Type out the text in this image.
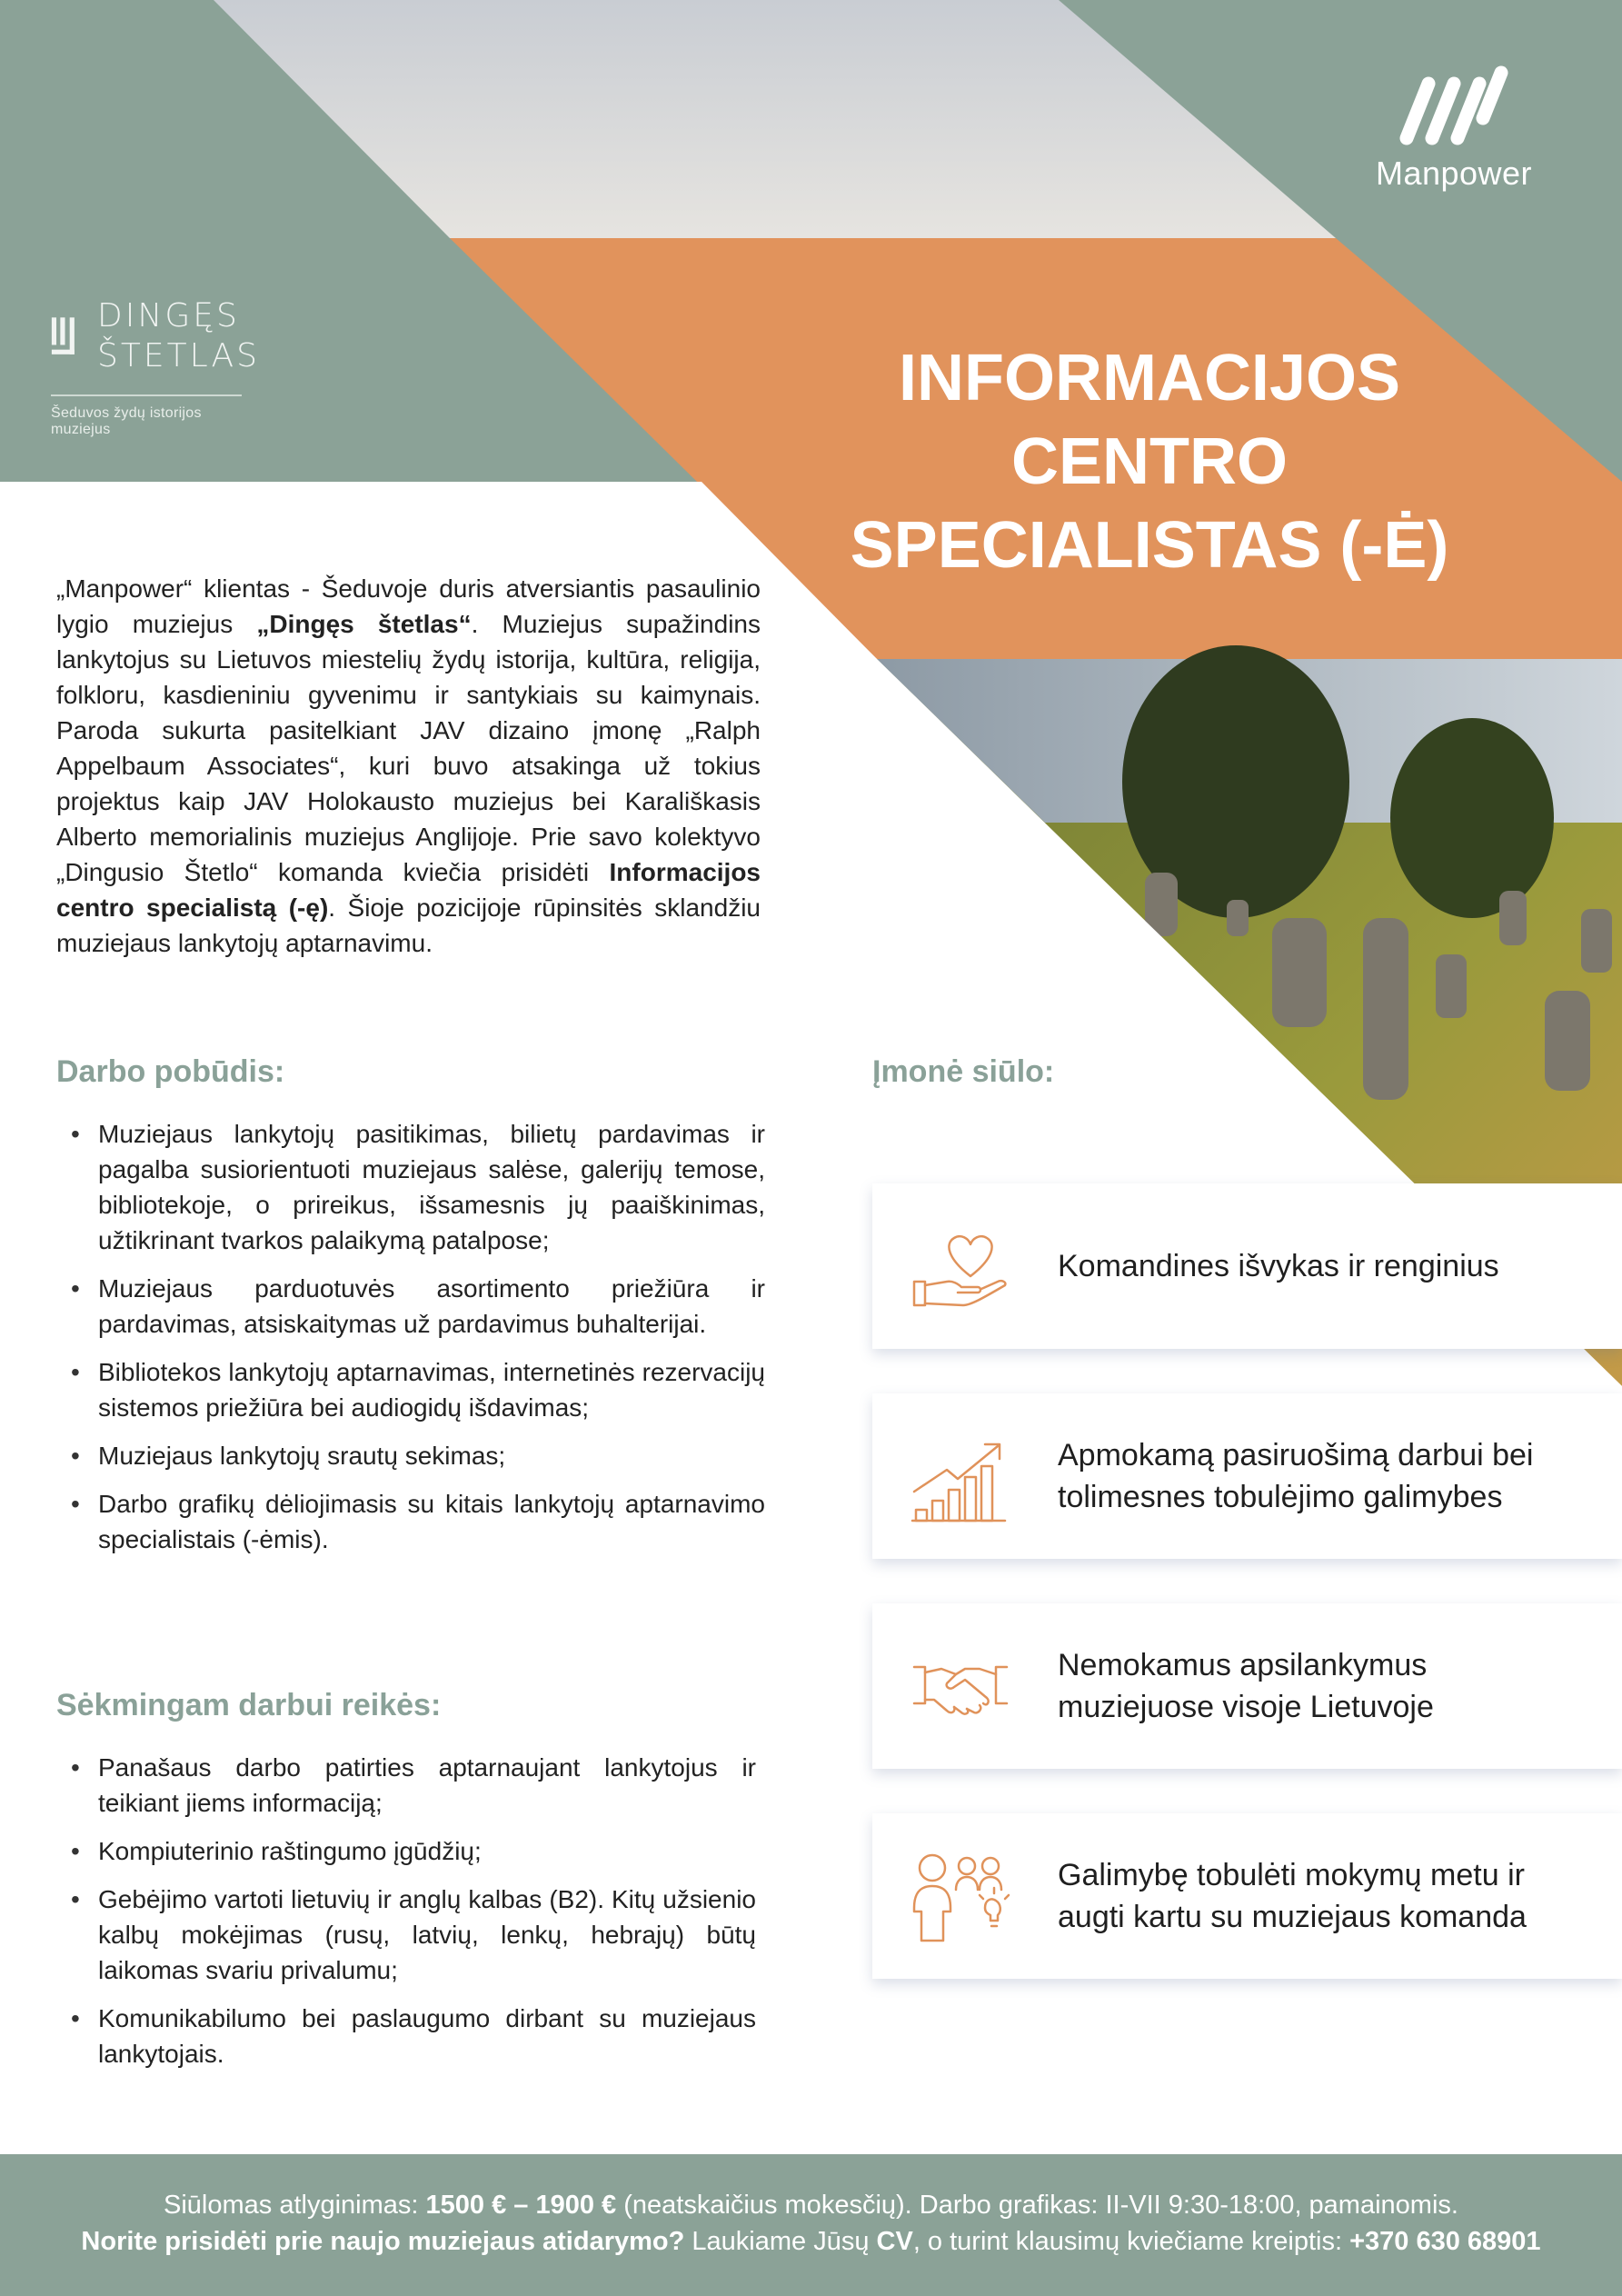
Manpower
DINGĘS
ŠTETLAS
Šeduvos žydų istorijos muziejus
INFORMACIJOS
CENTRO
SPECIALISTAS (-Ė)
„Manpower“ klientas - Šeduvoje duris atversiantis pasaulinio lygio muziejus „Dingęs štetlas“. Muziejus supažindins lankytojus su Lietuvos miestelių žydų istorija, kultūra, religija, folkloru, kasdieniniu gyvenimu ir santykiais su kaimynais. Paroda sukurta pasitelkiant JAV dizaino įmonę „Ralph Appelbaum Associates“, kuri buvo atsakinga už tokius projektus kaip JAV Holokausto muziejus bei Karališkasis Alberto memorialinis muziejus Anglijoje. Prie savo kolektyvo „Dingusio Štetlo“ komanda kviečia prisidėti Informacijos centro specialistą (-ę). Šioje pozicijoje rūpinsitės sklandžiu muziejaus lankytojų aptarnavimu.
Darbo pobūdis:
• Muziejaus lankytojų pasitikimas, bilietų pardavimas ir pagalba susiorientuoti muziejaus salėse, galerijų temose, bibliotekoje, o prireikus, išsamesnis jų paaiškinimas, užtikrinant tvarkos palaikymą patalpose;
• Muziejaus parduotuvės asortimento priežiūra ir pardavimas, atsiskaitymas už pardavimus buhalterijai.
• Bibliotekos lankytojų aptarnavimas, internetinės rezervacijų sistemos priežiūra bei audiogidų išdavimas;
• Muziejaus lankytojų srautų sekimas;
• Darbo grafikų dėliojimasis su kitais lankytojų aptarnavimo specialistais (-ėmis).
Sėkmingam darbui reikės:
• Panašaus darbo patirties aptarnaujant lankytojus ir teikiant jiems informaciją;
• Kompiuterinio raštingumo įgūdžių;
• Gebėjimo vartoti lietuvių ir anglų kalbas (B2). Kitų užsienio kalbų mokėjimas (rusų, latvių, lenkų, hebrajų) būtų laikomas svariu privalumu;
• Komunikabilumo bei paslaugumo dirbant su muziejaus lankytojais.
Įmonė siūlo:
Komandines išvykas ir renginius
Apmokamą pasiruošimą darbui bei tolimesnes tobulėjimo galimybes
Nemokamus apsilankymus muziejuose visoje Lietuvoje
Galimybę tobulėti mokymų metu ir augti kartu su muziejaus komanda

Siūlomas atlyginimas: 1500 € – 1900 € (neatskaičius mokesčių). Darbo grafikas: II-VII 9:30-18:00, pamainomis.

Norite prisidėti prie naujo muziejaus atidarymo? Laukiame Jūsų CV, o turint klausimų kviečiame kreiptis: +370 630 68901
